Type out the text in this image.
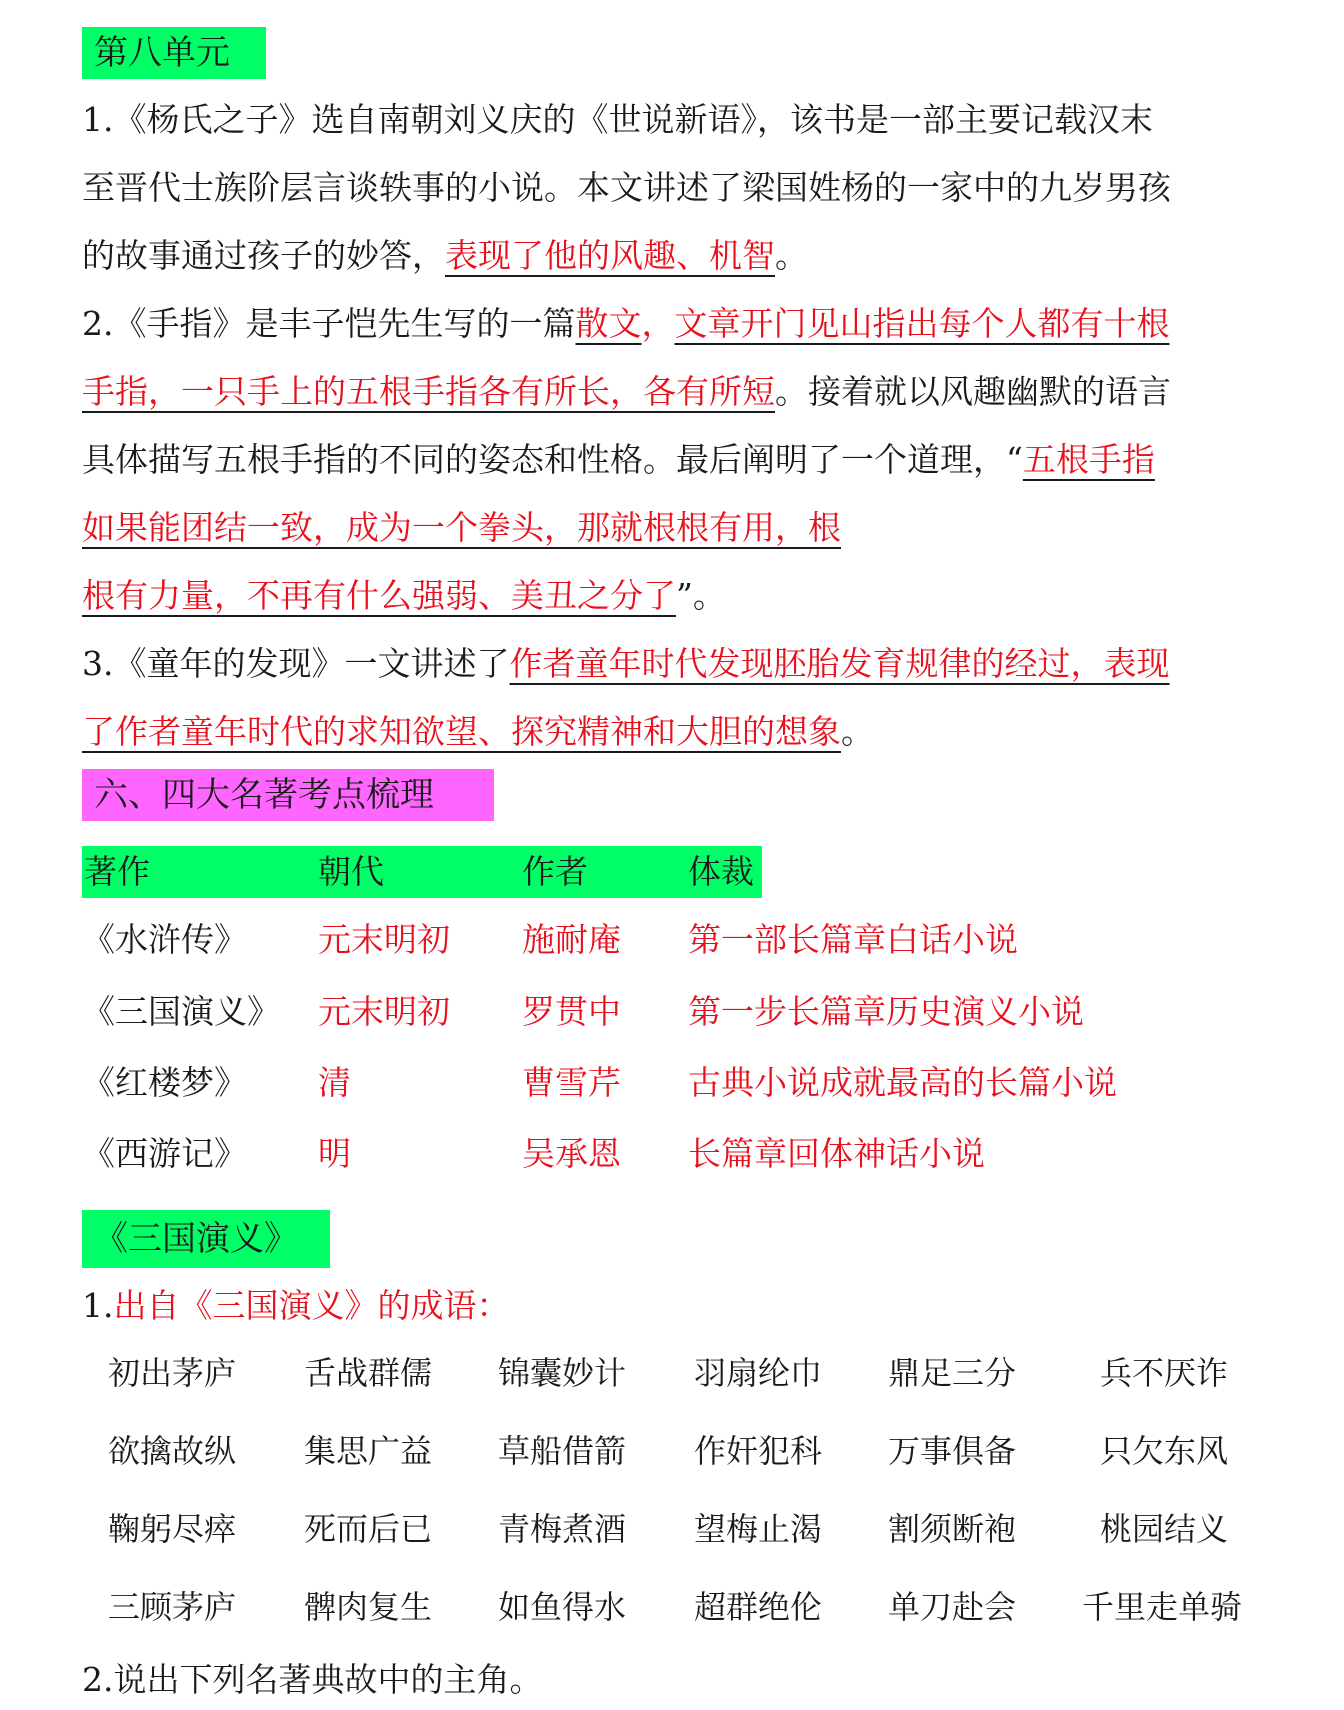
第八单元
1.《杨氏之子》选自南朝刘义庆的《世说新语》，该书是一部主要记载汉末
至晋代士族阶层言谈轶事的小说。本文讲述了梁国姓杨的一家中的九岁男孩
的故事通过孩子的妙答，表现了他的风趣、机智。
2.《手指》是丰子恺先生写的一篇散文，文章开门见山指出每个人都有十根
手指，一只手上的五根手指各有所长，各有所短。接着就以风趣幽默的语言
具体描写五根手指的不同的姿态和性格。最后阐明了一个道理，“五根手指
如果能团结一致，成为一个拳头，那就根根有用，根
根有力量，不再有什么强弱、美丑之分了”。
3.《童年的发现》一文讲述了作者童年时代发现胚胎发育规律的经过，表现
了作者童年时代的求知欲望、探究精神和大胆的想象。
六、四大名著考点梳理
著作	朝代	作者	体裁
《水浒传》 元末明初 施耐庵 第一部长篇章白话小说
《三国演义》 元末明初 罗贯中 第一步长篇章历史演义小说
《红楼梦》 清	曹雪芹 古典小说成就最高的长篇小说
《西游记》 明	吴承恩 长篇章回体神话小说
《三国演义》
1.出自《三国演义》的成语：
初出茅庐 舌战群儒 锦囊妙计 羽扇纶巾 鼎足三分	兵不厌诈
欲擒故纵 集思广益 草船借箭 作奸犯科 万事俱备	只欠东风
鞠躬尽瘁 死而后已 青梅煮酒 望梅止渴 割须断袍	桃园结义
三顾茅庐 髀肉复生 如鱼得水 超群绝伦 单刀赴会 千里走单骑
2.说出下列名著典故中的主角。
